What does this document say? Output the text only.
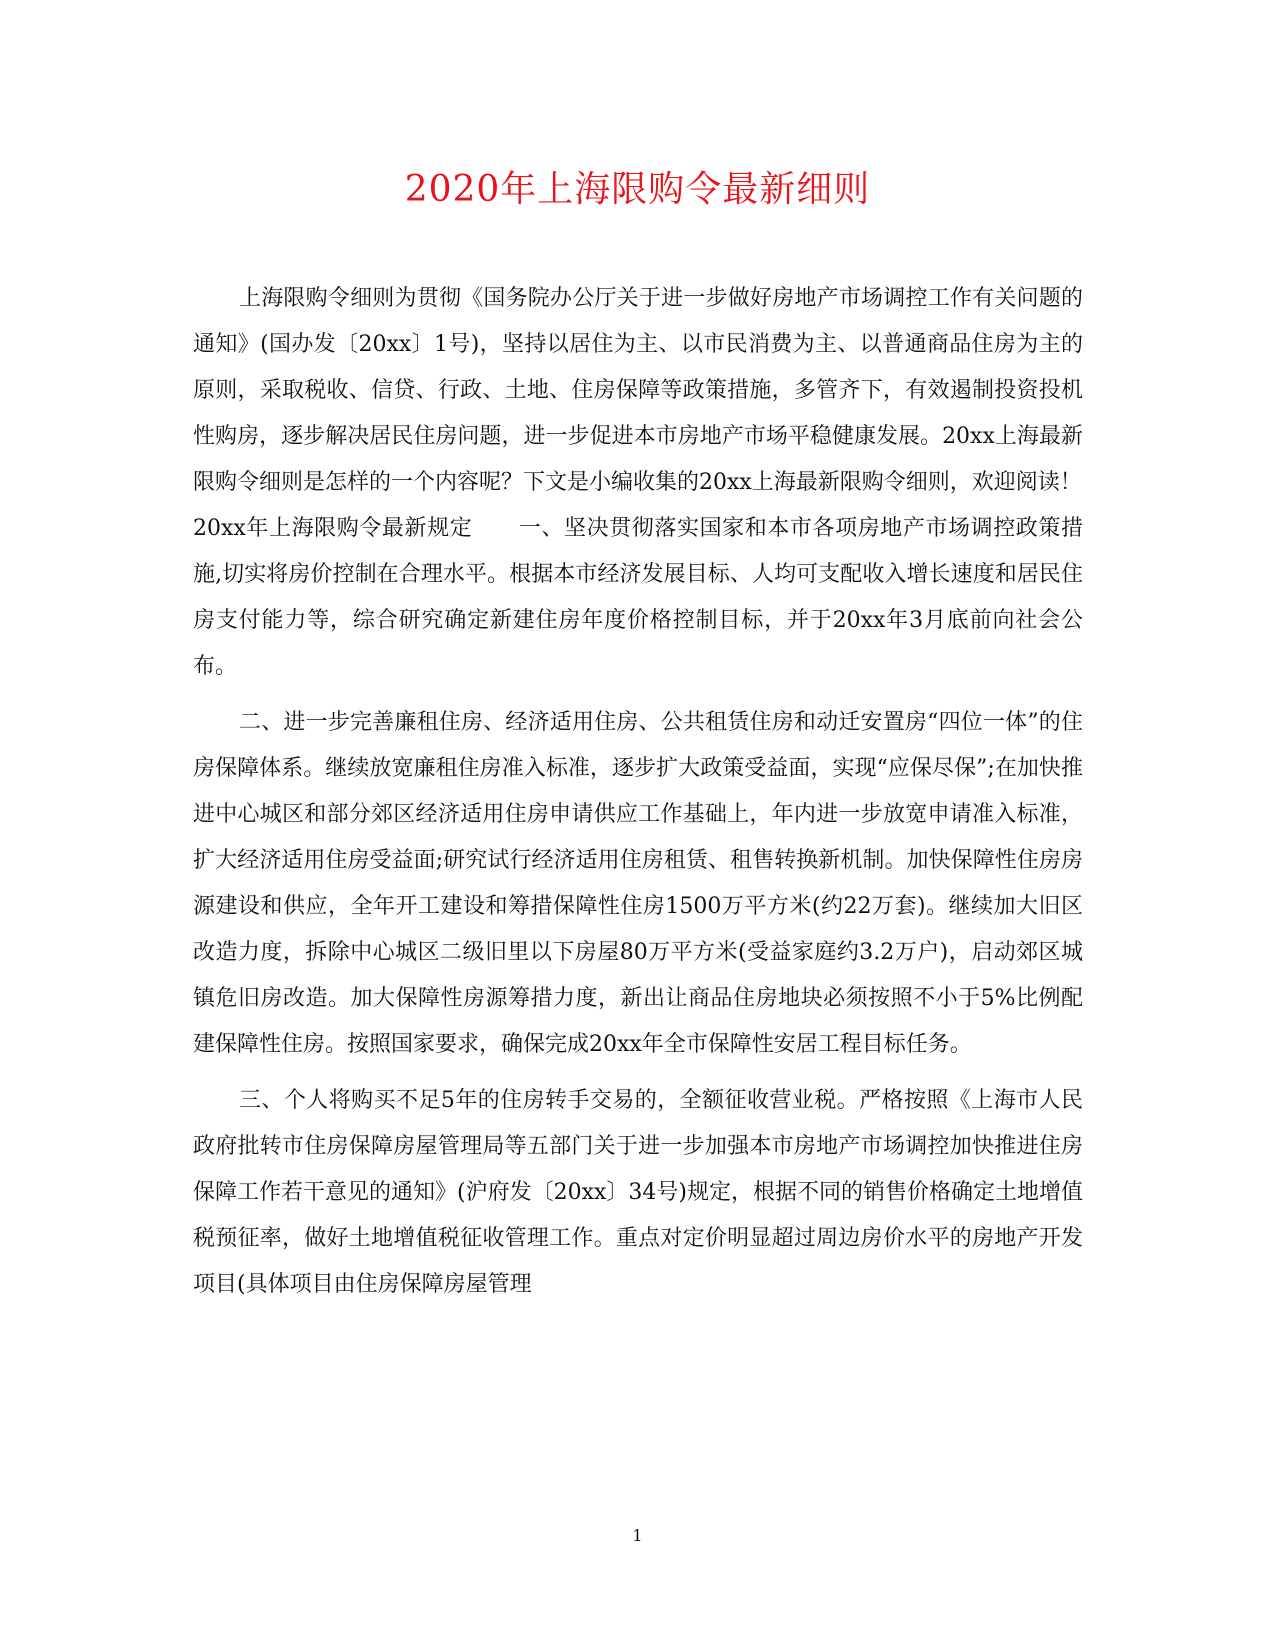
2020年上海限购令最新细则

上海限购令细则为贯彻《国务院办公厅关于进一步做好房地产市场调控工作有关问题的通知》(国办发〔20xx〕1号)，坚持以居住为主、以市民消费为主、以普通商品住房为主的原则，采取税收、信贷、行政、土地、住房保障等政策措施，多管齐下，有效遏制投资投机性购房，逐步解决居民住房问题，进一步促进本市房地产市场平稳健康发展。20xx上海最新限购令细则是怎样的一个内容呢？下文是小编收集的20xx上海最新限购令细则，欢迎阅读！

20xx年上海限购令最新规定 一、坚决贯彻落实国家和本市各项房地产市场调控政策措施,切实将房价控制在合理水平。根据本市经济发展目标、人均可支配收入增长速度和居民住房支付能力等，综合研究确定新建住房年度价格控制目标，并于20xx年3月底前向社会公布。

二、进一步完善廉租住房、经济适用住房、公共租赁住房和动迁安置房“四位一体”的住房保障体系。继续放宽廉租住房准入标准，逐步扩大政策受益面，实现“应保尽保”;在加快推进中心城区和部分郊区经济适用住房申请供应工作基础上，年内进一步放宽申请准入标准，扩大经济适用住房受益面;研究试行经济适用住房租赁、租售转换新机制。加快保障性住房房源建设和供应，全年开工建设和筹措保障性住房1500万平方米(约22万套)。继续加大旧区改造力度，拆除中心城区二级旧里以下房屋80万平方米(受益家庭约3.2万户)，启动郊区城镇危旧房改造。加大保障性房源筹措力度，新出让商品住房地块必须按照不小于5%比例配建保障性住房。按照国家要求，确保完成20xx年全市保障性安居工程目标任务。

三、个人将购买不足5年的住房转手交易的，全额征收营业税。严格按照《上海市人民政府批转市住房保障房屋管理局等五部门关于进一步加强本市房地产市场调控加快推进住房保障工作若干意见的通知》(沪府发〔20xx〕34号)规定，根据不同的销售价格确定土地增值税预征率，做好土地增值税征收管理工作。重点对定价明显超过周边房价水平的房地产开发项目(具体项目由住房保障房屋管理

1
